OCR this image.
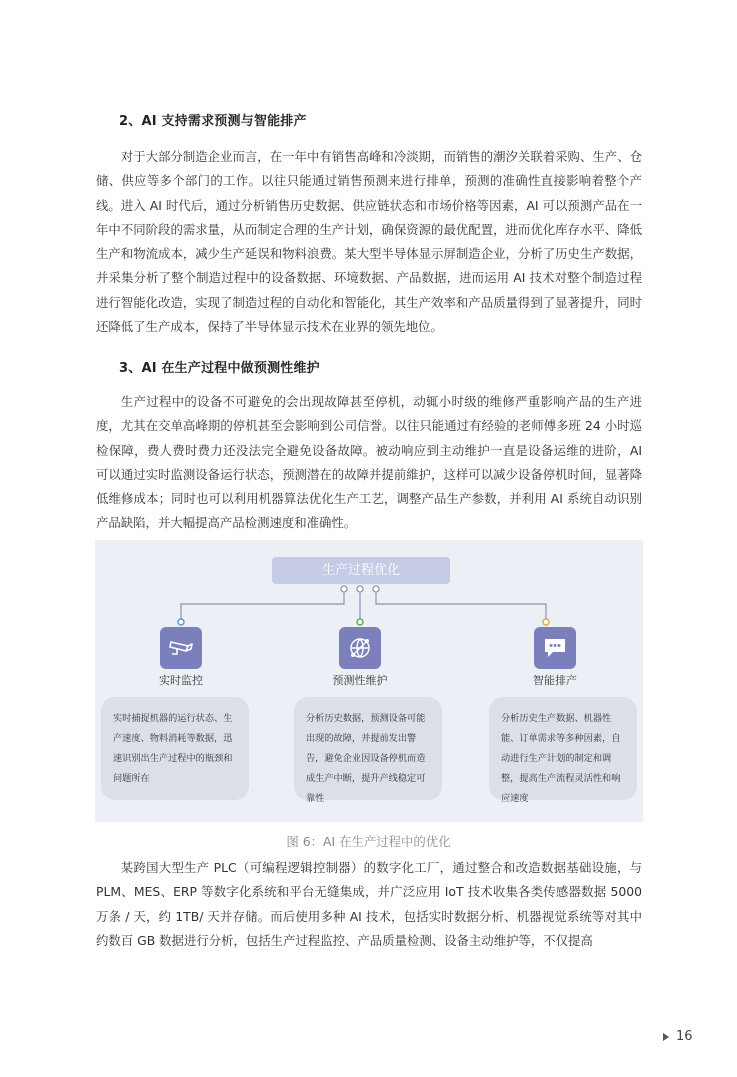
2、AI 支持需求预测与智能排产

对于大部分制造企业而言，在一年中有销售高峰和冷淡期，而销售的潮汐关联着采购、生产、仓储、供应等多个部门的工作。以往只能通过销售预测来进行排单，预测的准确性直接影响着整个产线。进入 AI 时代后，通过分析销售历史数据、供应链状态和市场价格等因素，AI 可以预测产品在一年中不同阶段的需求量，从而制定合理的生产计划，确保资源的最优配置，进而优化库存水平、降低生产和物流成本，减少生产延误和物料浪费。某大型半导体显示屏制造企业，分析了历史生产数据，并采集分析了整个制造过程中的设备数据、环境数据、产品数据，进而运用 AI 技术对整个制造过程进行智能化改造，实现了制造过程的自动化和智能化，其生产效率和产品质量得到了显著提升，同时还降低了生产成本，保持了半导体显示技术在业界的领先地位。

3、AI 在生产过程中做预测性维护

生产过程中的设备不可避免的会出现故障甚至停机，动辄小时级的维修严重影响产品的生产进度，尤其在交单高峰期的停机甚至会影响到公司信誉。以往只能通过有经验的老师傅多班 24 小时巡检保障，费人费时费力还没法完全避免设备故障。被动响应到主动维护一直是设备运维的进阶，AI 可以通过实时监测设备运行状态，预测潜在的故障并提前維护，这样可以减少设备停机时间，显著降低维修成本；同时也可以利用机器算法优化生产工艺，调整产品生产参数，并利用 AI 系统自动识别产品缺陷，并大幅提高产品检测速度和准确性。

生产过程优化
实时监控	预测性维护	智能排产

实时捕捉机器的运行状态、生产速度、物料消耗等数据，迅速识别出生产过程中的瓶颈和问题所在

分析历史数据，预测设备可能出现的故障，并提前发出警告，避免企业因设备停机而造成生产中断，提升产线稳定可靠性

分析历史生产数据、机器性能、订单需求等多种因素，自动进行生产计划的制定和调整，提高生产流程灵活性和响应速度

图 6：AI 在生产过程中的优化

某跨国大型生产 PLC（可编程逻辑控制器）的数字化工厂，通过整合和改造数据基础设施，与 PLM、MES、ERP 等数字化系统和平台无缝集成，并广泛应用 IoT 技术收集各类传感器数据 5000 万条 / 天，约 1TB/ 天并存储。而后使用多种 AI 技术，包括实时数据分析、机器视觉系统等对其中约数百 GB 数据进行分析，包括生产过程监控、产品质量检测、设备主动维护等，不仅提高

16
